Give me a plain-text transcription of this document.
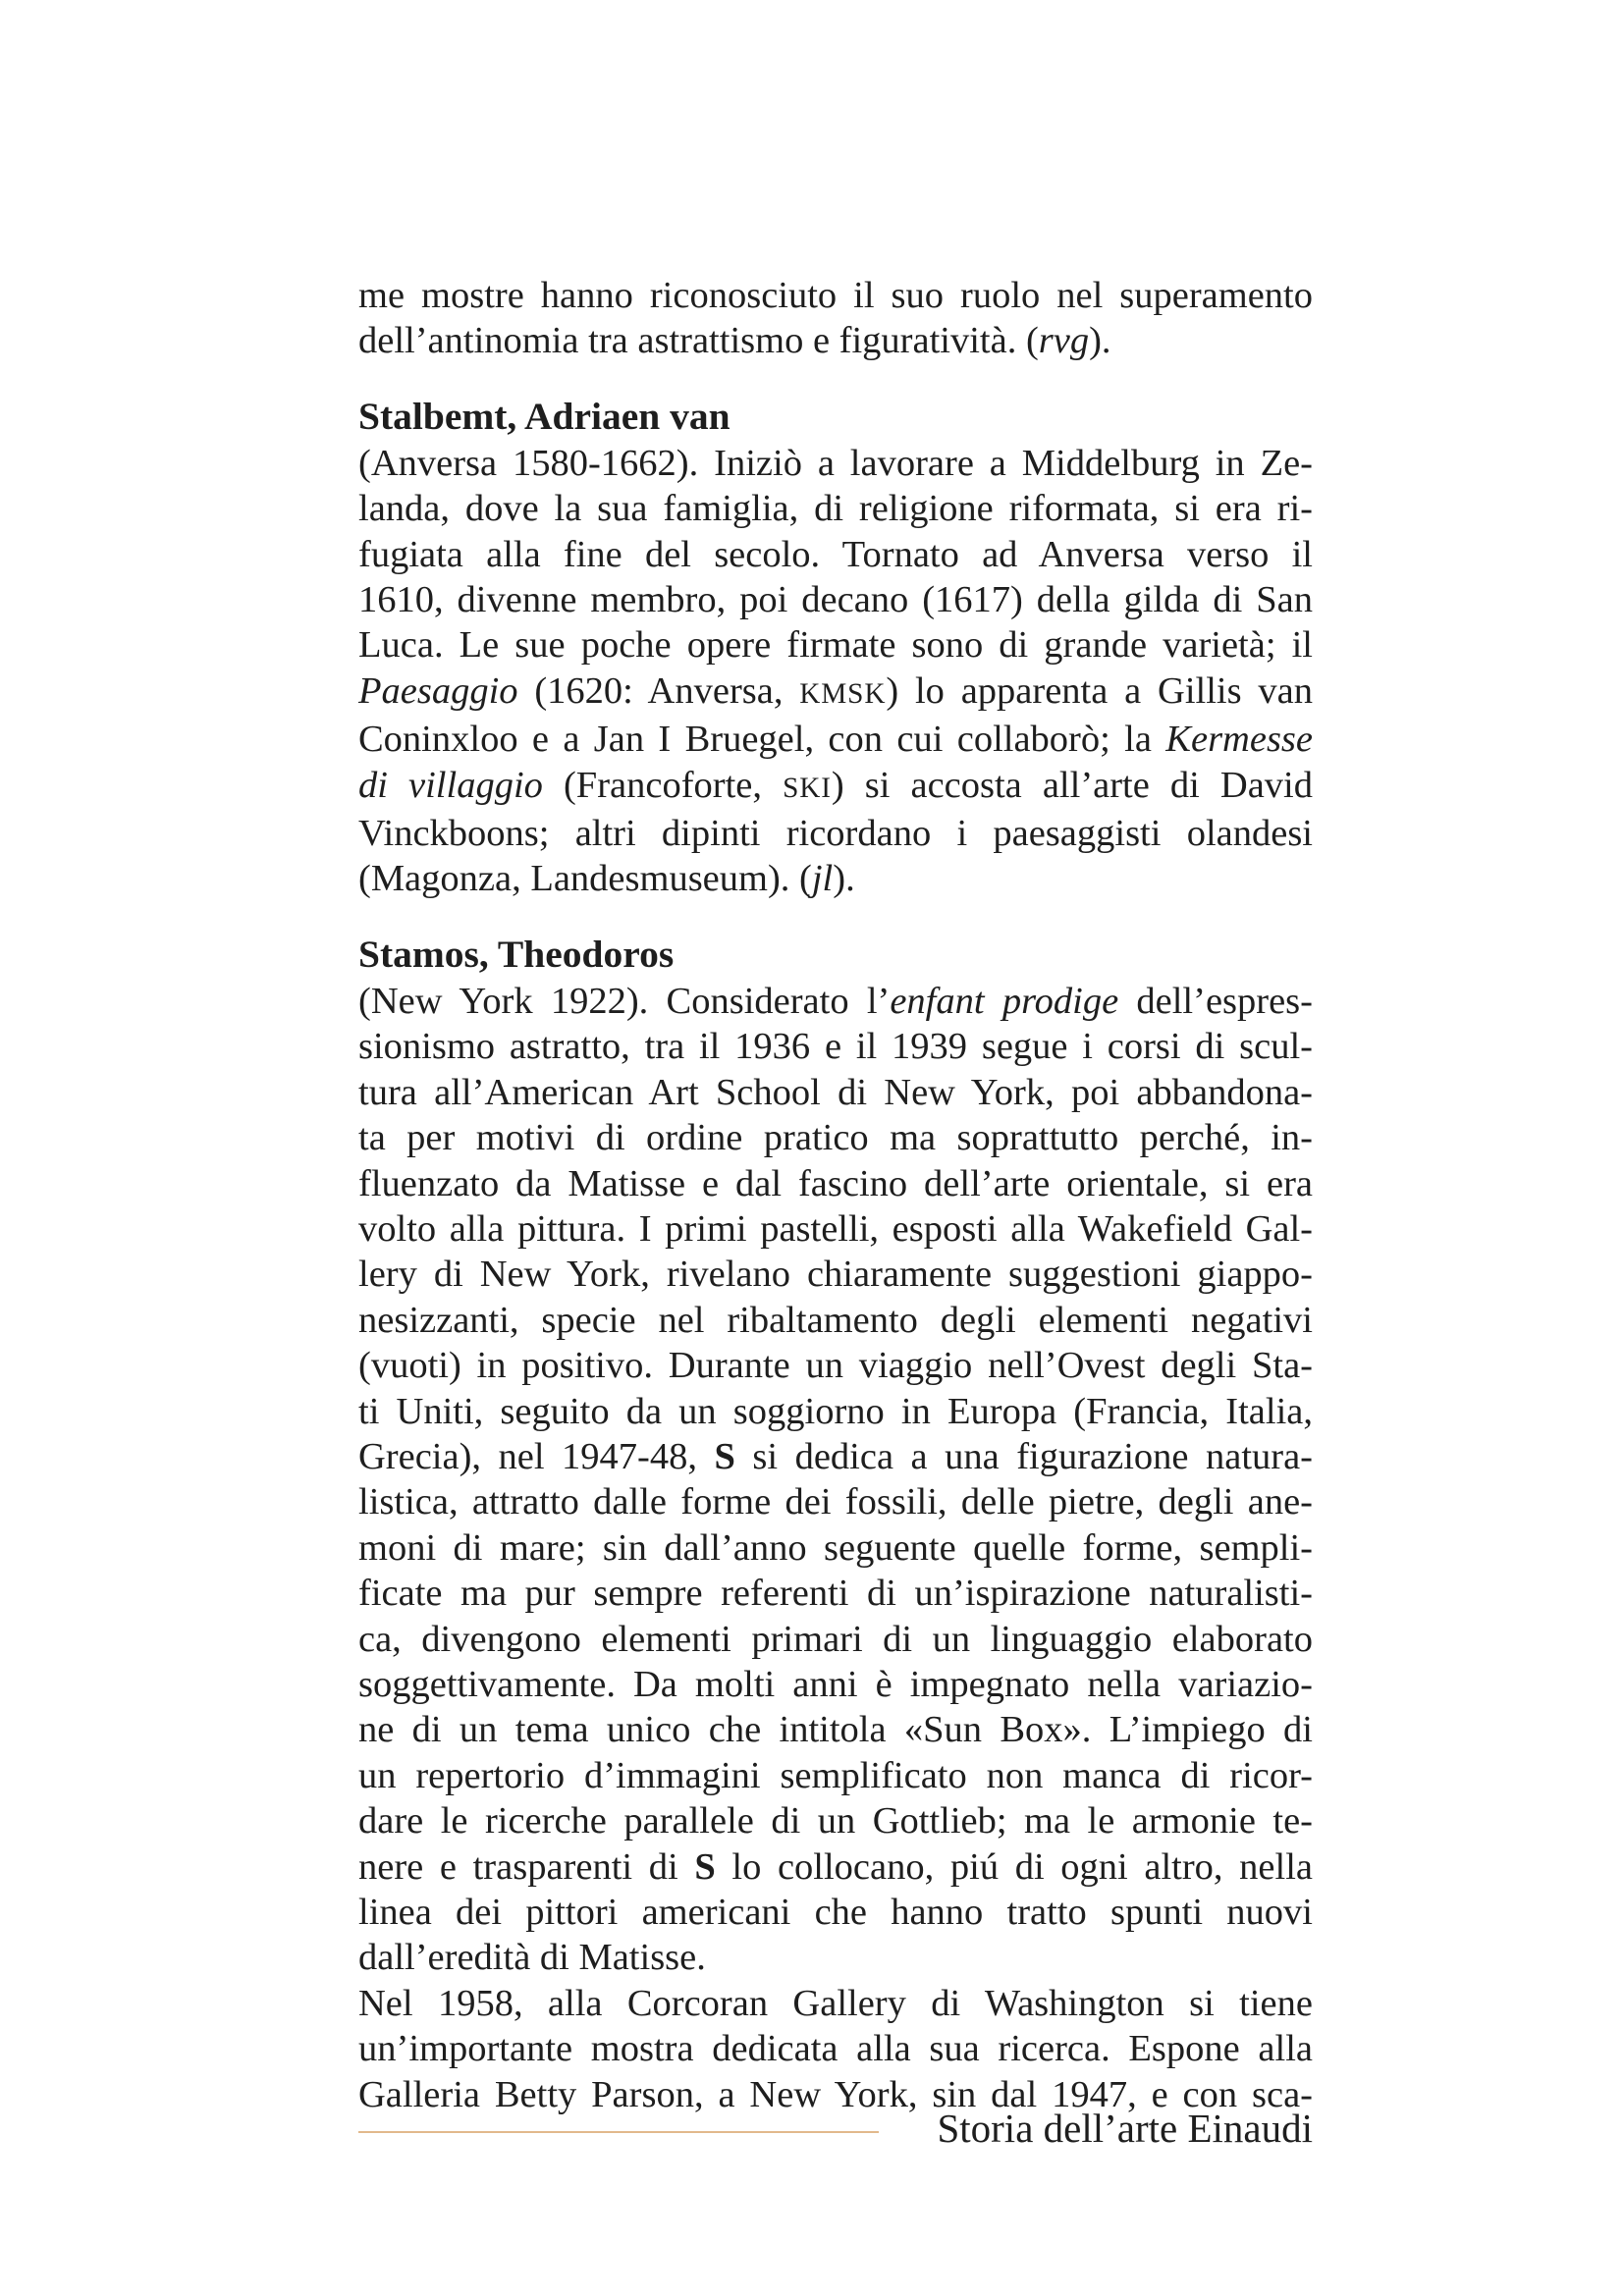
me mostre hanno riconosciuto il suo ruolo nel superamento
dell’antinomia tra astrattismo e figuratività. (rvg).
Stalbemt, Adriaen van
(Anversa 1580-1662). Iniziò a lavorare a Middelburg in Ze-
landa, dove la sua famiglia, di religione riformata, si era ri-
fugiata alla fine del secolo. Tornato ad Anversa verso il
1610, divenne membro, poi decano (1617) della gilda di San
Luca. Le sue poche opere firmate sono di grande varietà; il
Paesaggio (1620: Anversa, KMSK) lo apparenta a Gillis van
Coninxloo e a Jan I Bruegel, con cui collaborò; la Kermesse
di villaggio (Francoforte, SKI) si accosta all’arte di David
Vinckboons; altri dipinti ricordano i paesaggisti olandesi
(Magonza, Landesmuseum). (jl).
Stamos, Theodoros
(New York 1922). Considerato l’enfant prodige dell’espres-
sionismo astratto, tra il 1936 e il 1939 segue i corsi di scul-
tura all’American Art School di New York, poi abbandona-
ta per motivi di ordine pratico ma soprattutto perché, in-
fluenzato da Matisse e dal fascino dell’arte orientale, si era
volto alla pittura. I primi pastelli, esposti alla Wakefield Gal-
lery di New York, rivelano chiaramente suggestioni giappo-
nesizzanti, specie nel ribaltamento degli elementi negativi
(vuoti) in positivo. Durante un viaggio nell’Ovest degli Sta-
ti Uniti, seguito da un soggiorno in Europa (Francia, Italia,
Grecia), nel 1947-48, S si dedica a una figurazione natura-
listica, attratto dalle forme dei fossili, delle pietre, degli ane-
moni di mare; sin dall’anno seguente quelle forme, sempli-
ficate ma pur sempre referenti di un’ispirazione naturalisti-
ca, divengono elementi primari di un linguaggio elaborato
soggettivamente. Da molti anni è impegnato nella variazio-
ne di un tema unico che intitola «Sun Box». L’impiego di
un repertorio d’immagini semplificato non manca di ricor-
dare le ricerche parallele di un Gottlieb; ma le armonie te-
nere e trasparenti di S lo collocano, piú di ogni altro, nella
linea dei pittori americani che hanno tratto spunti nuovi
dall’eredità di Matisse.
Nel 1958, alla Corcoran Gallery di Washington si tiene
un’importante mostra dedicata alla sua ricerca. Espone alla
Galleria Betty Parson, a New York, sin dal 1947, e con sca-
Storia dell’arte Einaudi
